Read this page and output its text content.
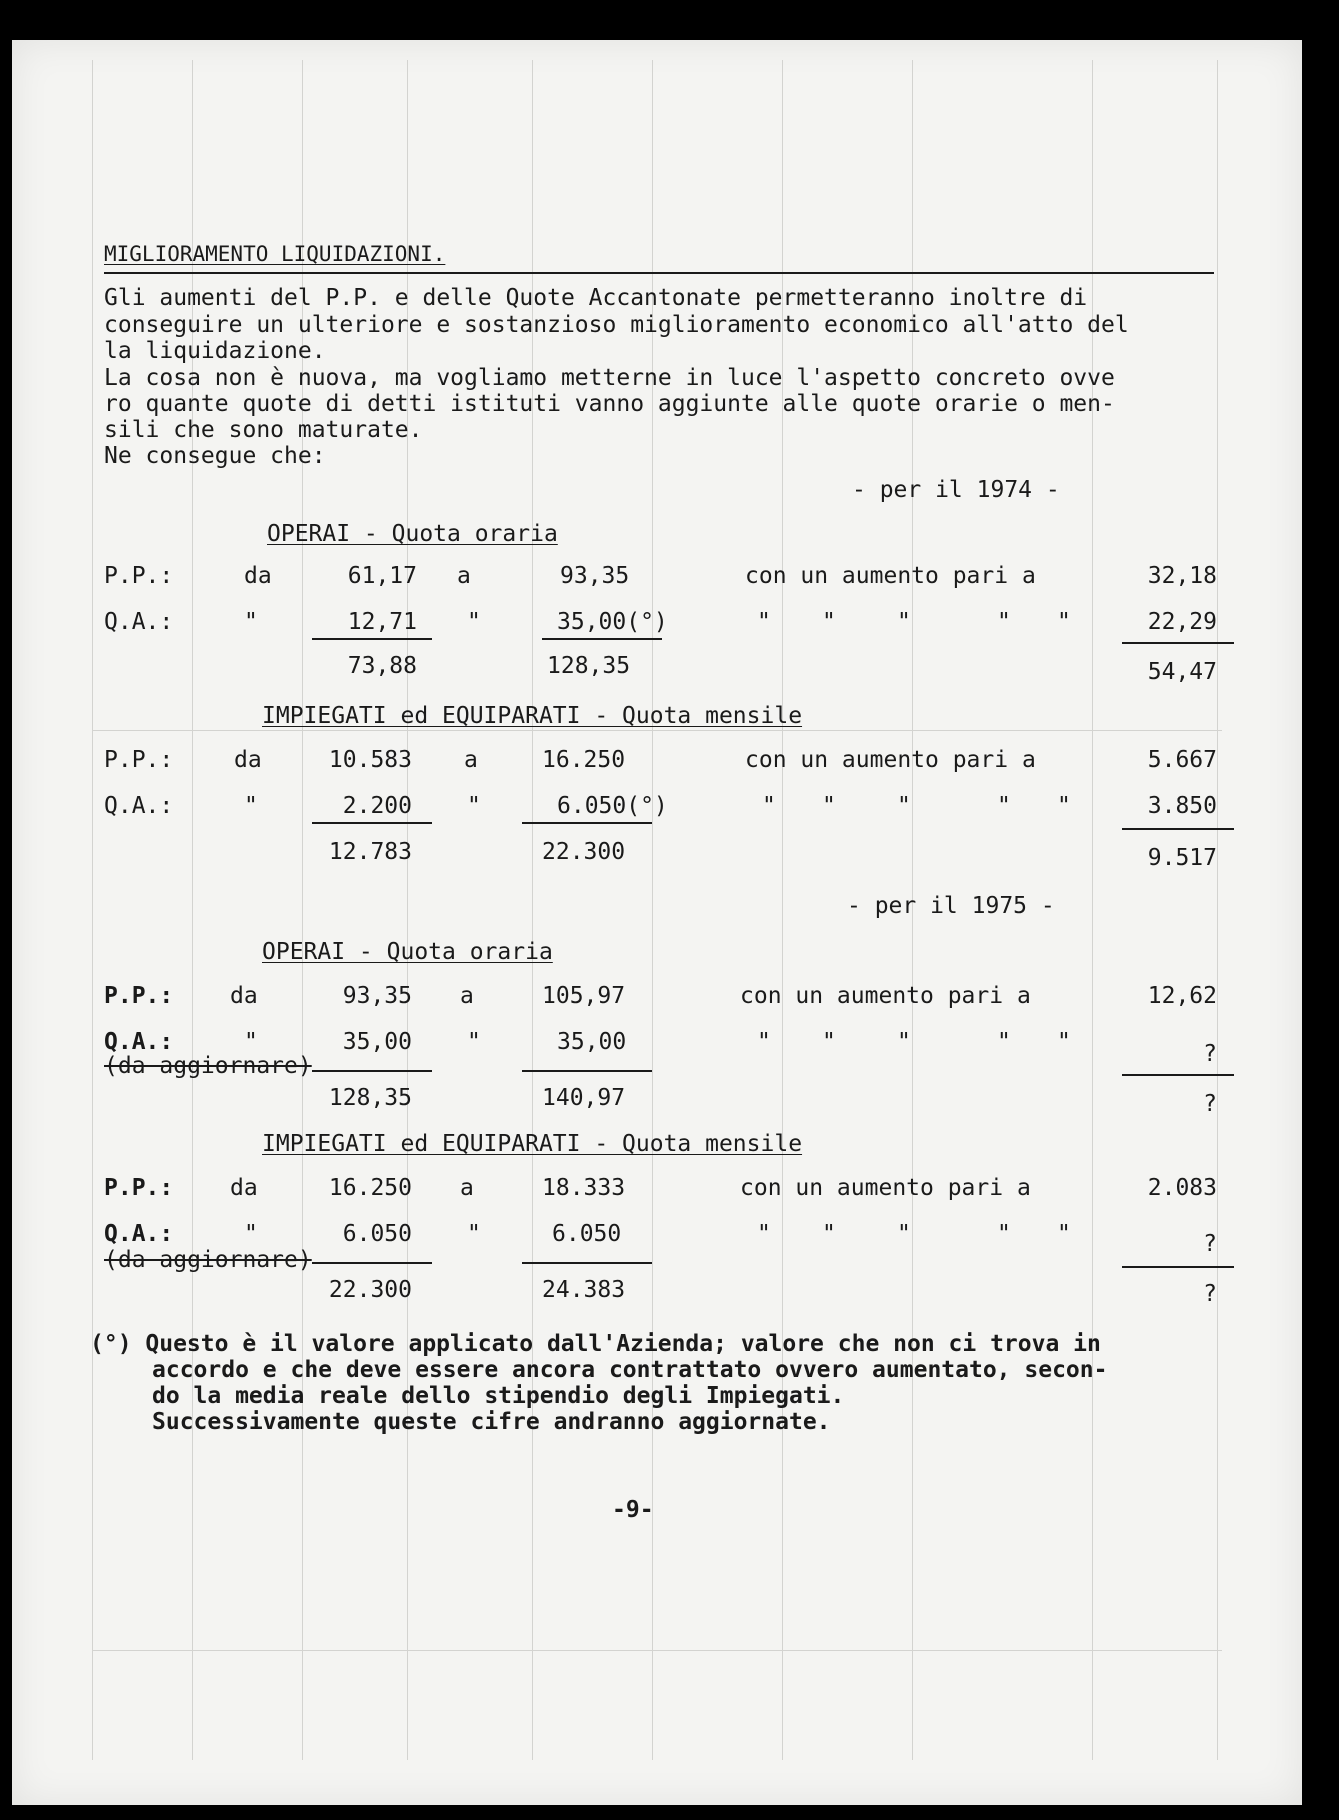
MIGLIORAMENTO LIQUIDAZIONI.
Gli aumenti del P.P. e delle Quote Accantonate permetteranno inoltre di
conseguire un ulteriore e sostanzioso miglioramento economico all'atto del
la liquidazione.
La cosa non è nuova, ma vogliamo metterne in luce l'aspetto concreto ovve
ro quante quote di detti istituti vanno aggiunte alle quote orarie o men-
sili che sono maturate.
Ne consegue che:
- per il 1974 -
OPERAI - Quota oraria
P.P.:	da	61,17 a	93,35	con un aumento pari a	32,18
Q.A.:	"	12,71 "	35,00(°)	" "	"	" "	22,29
73,88	128,35	54,47
IMPIEGATI ed EQUIPARATI - Quota mensile
P.P.:	da	10.583 a	16.250	con un aumento pari a	5.667
Q.A.:	"	2.200 "	6.050(°)	" "	"	" "	3.850
12.783	22.300	9.517
- per il 1975 -
OPERAI - Quota oraria
P.P.: da	93,35 a	105,97	con un aumento pari a	12,62
Q.A.:	"	35,00 "	35,00	" "	"	" "	?
(da aggiornare)
128,35	140,97	?
IMPIEGATI ed EQUIPARATI - Quota mensile
P.P.: da	16.250 a	18.333	con un aumento pari a	2.083
Q.A.:	"	6.050 "	6.050	" "	"	" "	?
(da aggiornare)
22.300	24.383	?
(°) Questo è il valore applicato dall'Azienda; valore che non ci trova in
accordo e che deve essere ancora contrattato ovvero aumentato, secon-
do la media reale dello stipendio degli Impiegati.
Successivamente queste cifre andranno aggiornate.
-9-
